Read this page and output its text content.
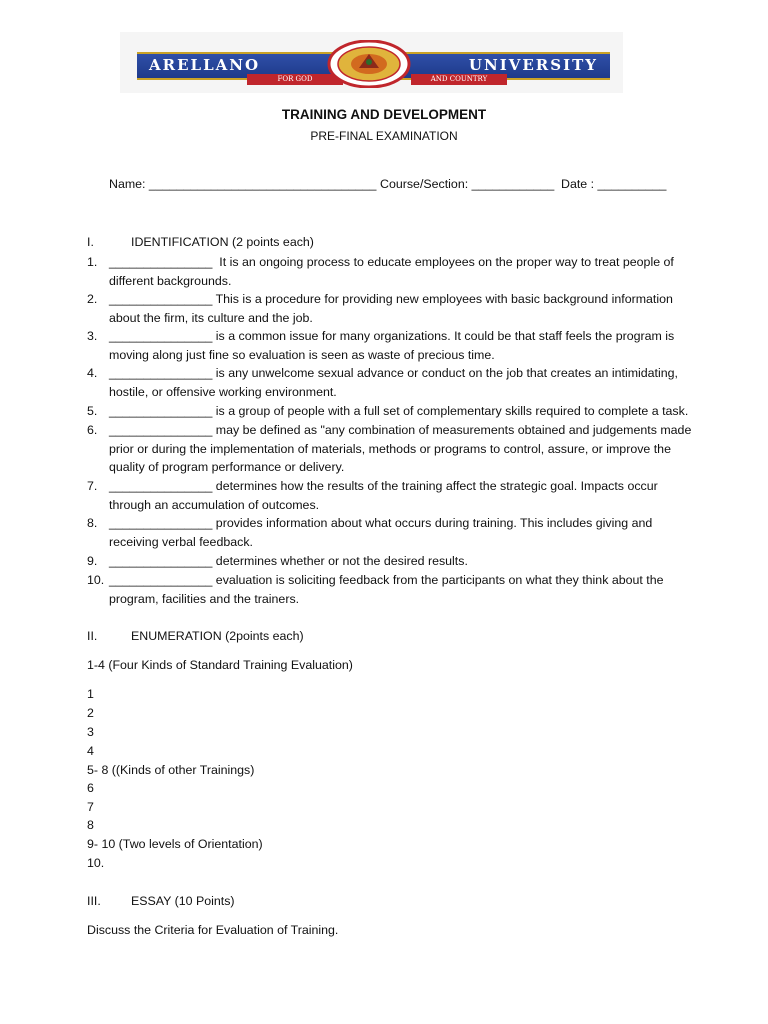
ARELLANO	UNIVERSITY
FOR GOD	AND COUNTRY
TRAINING AND DEVELOPMENT
PRE-FINAL EXAMINATION
Name: _________________________________ Course/Section: ____________ Date : __________
I.	IDENTIFICATION (2 points each)
1. _______________  It is an ongoing process to educate employees on the proper way to treat people of
different backgrounds.
2. _______________ This is a procedure for providing new employees with basic background information
about the firm, its culture and the job.
3. _______________ is a common issue for many organizations. It could be that staff feels the program is
moving along just fine so evaluation is seen as waste of precious time.
4. _______________ is any unwelcome sexual advance or conduct on the job that creates an intimidating,
hostile, or offensive working environment.
5. _______________ is a group of people with a full set of complementary skills required to complete a task.
6. _______________ may be defined as "any combination of measurements obtained and judgements made
prior or during the implementation of materials, methods or programs to control, assure, or improve the
quality of program performance or delivery.
7. _______________ determines how the results of the training affect the strategic goal. Impacts occur
through an accumulation of outcomes.
8. _______________ provides information about what occurs during training. This includes giving and
receiving verbal feedback.
9. _______________ determines whether or not the desired results.
10. _______________ evaluation is soliciting feedback from the participants on what they think about the
program, facilities and the trainers.
II.	ENUMERATION (2points each)
1-4 (Four Kinds of Standard Training Evaluation)
1
2
3
4
5- 8 ((Kinds of other Trainings)
6
7
8
9- 10 (Two levels of Orientation)
10.
III. ESSAY (10 Points)
Discuss the Criteria for Evaluation of Training.
